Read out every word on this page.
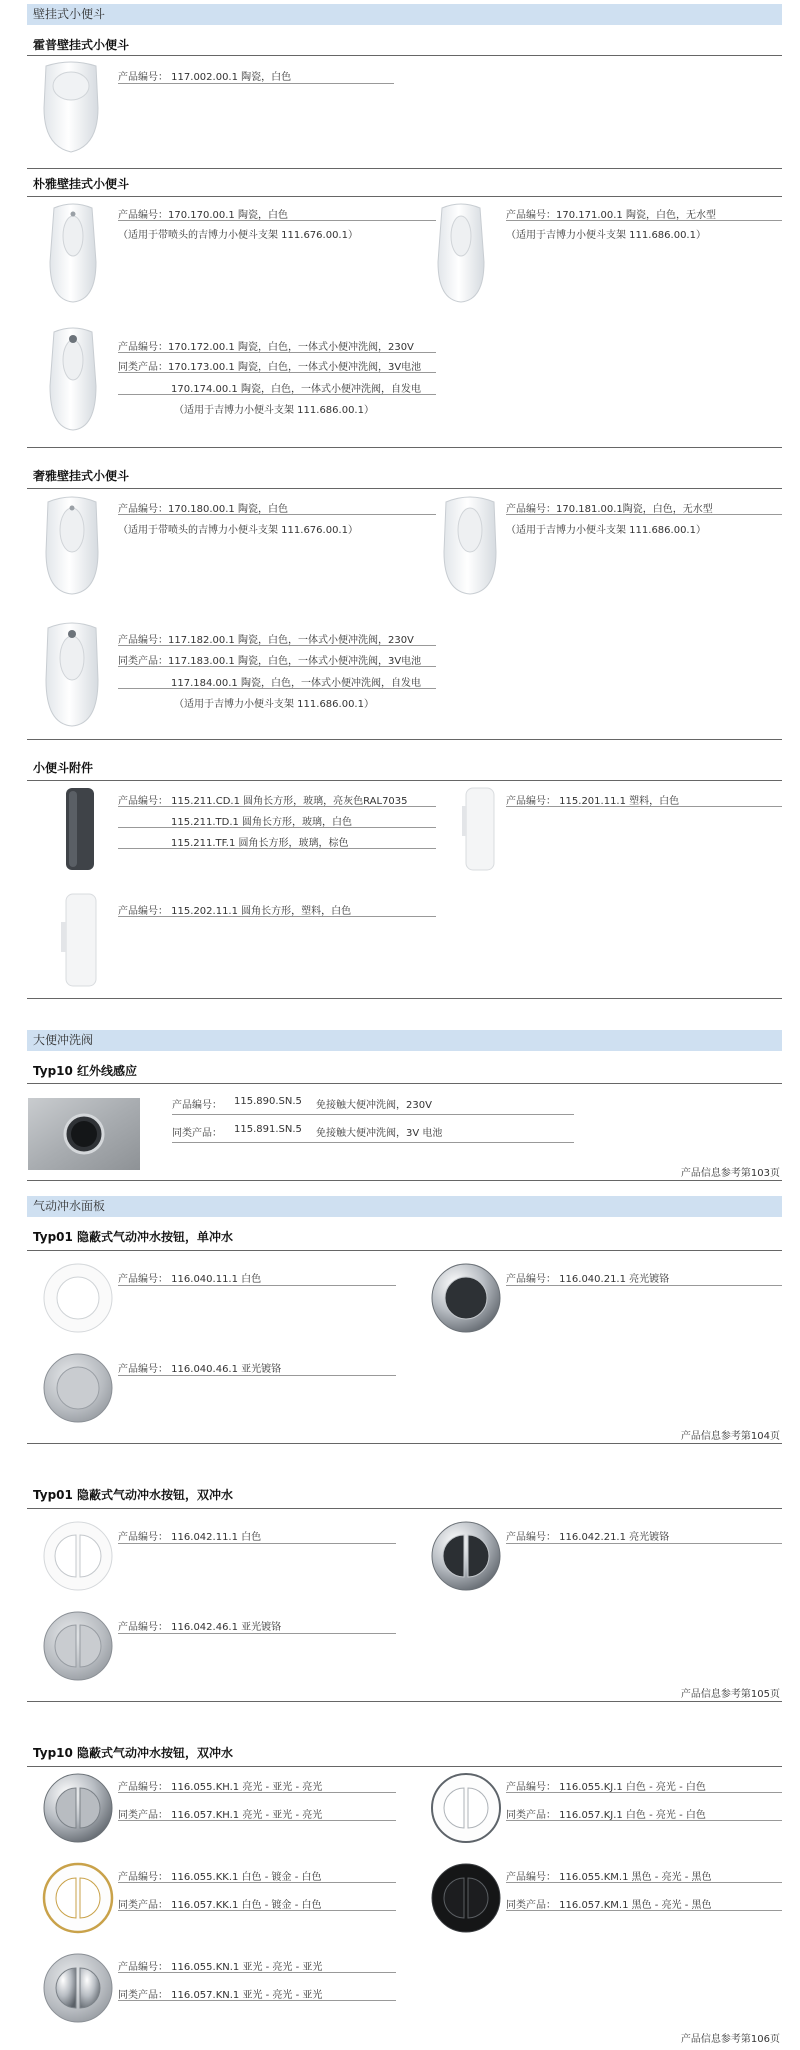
壁挂式小便斗
霍普壁挂式小便斗
产品编号： 117.002.00.1 陶瓷，白色
朴雅壁挂式小便斗
产品编号：170.170.00.1 陶瓷，白色
（适用于带喷头的吉博力小便斗支架 111.676.00.1）
产品编号：170.171.00.1 陶瓷，白色，无水型
（适用于吉博力小便斗支架 111.686.00.1）
产品编号：170.172.00.1 陶瓷，白色，一体式小便冲洗阀，230V
同类产品：170.173.00.1 陶瓷，白色，一体式小便冲洗阀，3V电池
170.174.00.1 陶瓷，白色，一体式小便冲洗阀，自发电
（适用于吉博力小便斗支架 111.686.00.1）
奢雅壁挂式小便斗
产品编号：170.180.00.1 陶瓷，白色
（适用于带喷头的吉博力小便斗支架 111.676.00.1）
产品编号：170.181.00.1陶瓷，白色，无水型
（适用于吉博力小便斗支架 111.686.00.1）
产品编号：117.182.00.1 陶瓷，白色，一体式小便冲洗阀，230V
同类产品：117.183.00.1 陶瓷，白色，一体式小便冲洗阀，3V电池
117.184.00.1 陶瓷，白色，一体式小便冲洗阀，自发电
（适用于吉博力小便斗支架 111.686.00.1）
小便斗附件
产品编号： 115.211.CD.1 圆角长方形，玻璃，亮灰色RAL7035
115.211.TD.1 圆角长方形，玻璃，白色
115.211.TF.1 圆角长方形，玻璃，棕色
产品编号： 115.201.11.1 塑料，白色
产品编号： 115.202.11.1 圆角长方形，塑料，白色
大便冲洗阀
Typ10 红外线感应
产品编号： 115.890.SN.5 免接触大便冲洗阀，230V
同类产品： 115.891.SN.5 免接触大便冲洗阀，3V 电池
产品信息参考第103页
气动冲水面板
Typ01 隐蔽式气动冲水按钮，单冲水
产品编号： 116.040.11.1 白色	产品编号： 116.040.21.1 亮光镀铬
产品编号： 116.040.46.1 亚光镀铬
产品信息参考第104页
Typ01 隐蔽式气动冲水按钮，双冲水
产品编号： 116.042.11.1 白色	产品编号： 116.042.21.1 亮光镀铬
产品编号： 116.042.46.1 亚光镀铬
产品信息参考第105页
Typ10 隐蔽式气动冲水按钮，双冲水
产品编号： 116.055.KH.1 亮光 - 亚光 - 亮光
同类产品： 116.057.KH.1 亮光 - 亚光 - 亮光
产品编号： 116.055.KJ.1 白色 - 亮光 - 白色
同类产品： 116.057.KJ.1 白色 - 亮光 - 白色
产品编号： 116.055.KK.1 白色 - 镀金 - 白色
同类产品： 116.057.KK.1 白色 - 镀金 - 白色
产品编号： 116.055.KM.1 黑色 - 亮光 - 黑色
同类产品： 116.057.KM.1 黑色 - 亮光 - 黑色
产品编号： 116.055.KN.1 亚光 - 亮光 - 亚光
同类产品： 116.057.KN.1 亚光 - 亮光 - 亚光
产品信息参考第106页
